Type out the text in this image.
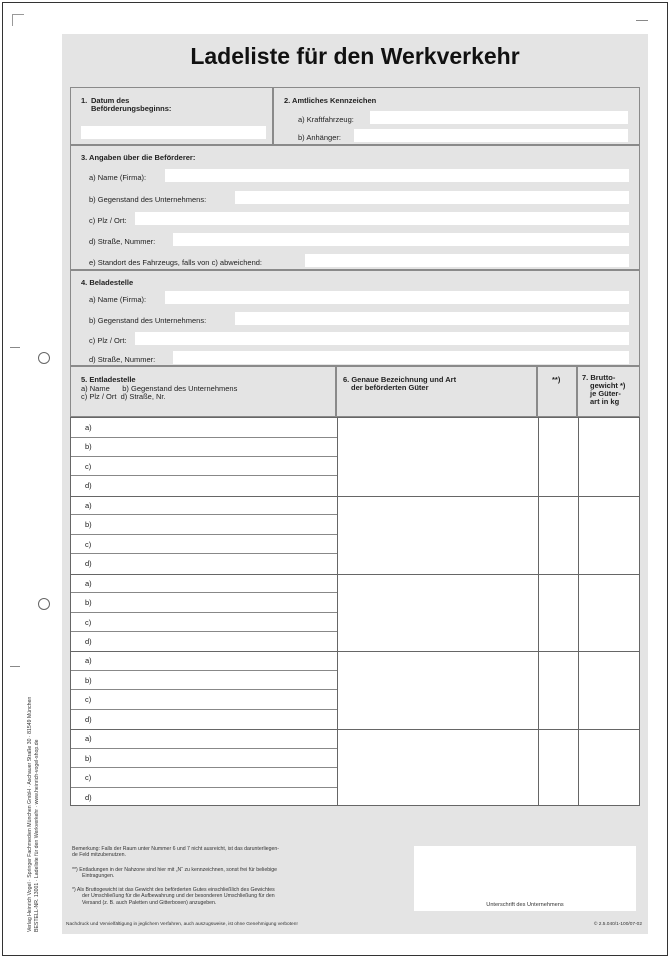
Verlag Heinrich Vogel · Springer Fachmedien München GmbH · Aschauer Straße 30 · 81549 München BESTELL-NR. 13001 · Ladeliste für den Werkverkehr · www.heinrich-vogel-shop.de
Ladeliste für den Werkverkehr
1. Datum des
Beförderungsbeginns:
2. Amtliches Kennzeichen
a) Kraftfahrzeug:
b) Anhänger:
3. Angaben über die Beförderer:
a) Name (Firma):
b) Gegenstand des Unternehmens:
c) Plz / Ort:
d) Straße, Nummer:
e) Standort des Fahrzeugs, falls von c) abweichend:
4. Beladestelle
a) Name (Firma):
b) Gegenstand des Unternehmens:
c) Plz / Ort:
d) Straße, Nummer:
5. Entladestelle
a) Name      b) Gegenstand des Unternehmens
c) Plz / Ort  d) Straße, Nr.
6. Genaue Bezeichnung und Art
der beförderten Güter
**)	7. Brutto-
gewicht *)
je Güter-
art in kg
a)
b)
c)
d)
a)
b)
c)
d)
a)
b)
c)
d)
a)
b)
c)
d)
a)
b)
c)
d)
Bemerkung: Falls der Raum unter Nummer 6 und 7 nicht ausreicht, ist das darunterliegen-
de Feld mitzubenutzen.
**) Entladungen in der Nahzone sind hier mit „N“ zu kennzeichnen, sonst frei für beliebige
Eintragungen.
*) Als Bruttogewicht ist das Gewicht des beförderten Gutes einschließlich des Gewichtes
der Umschließung für die Aufbewahrung und der besonderen Umschließung für den
Versand (z. B. auch Paletten und Gitterboxen) anzugeben.	Unterschrift des Unternehmens
Nachdruck und Vervielfältigung in jeglichem Verfahren, auch auszugsweise, ist ohne Genehmigung verboten!	© 2.5.040/1-100/07-02
